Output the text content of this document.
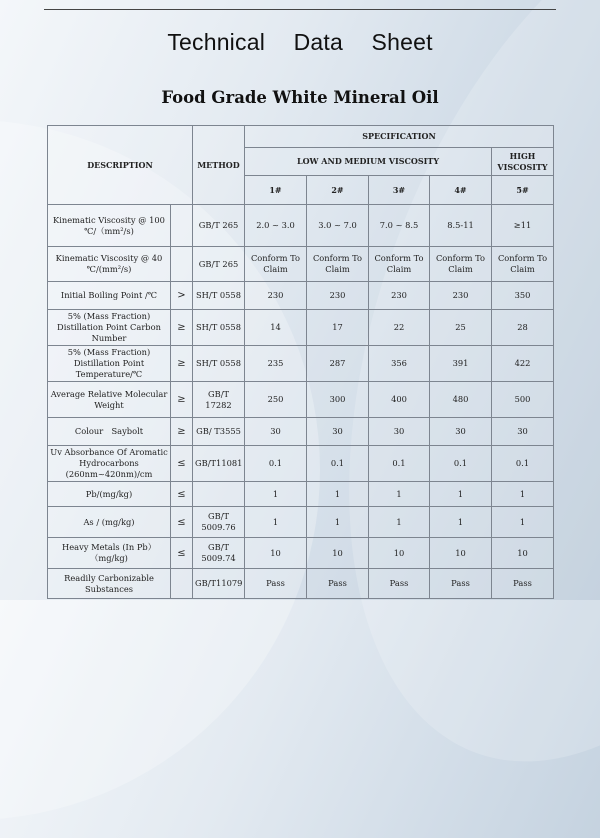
Technical Data Sheet
Food Grade White Mineral Oil
DESCRIPTION		METHOD	SPECIFICATION				
			LOW AND MEDIUM VISCOSITY				HIGH VISCOSITY
			1#	2#	3#	4#	5#
Kinematic Viscosity @ 100 ℃/（mm²/s)		GB/T 265	2.0 ~ 3.0	3.0 ~ 7.0	7.0 ~ 8.5	8.5-11	≥11
Kinematic Viscosity @ 40 ℃/(mm²/s)		GB/T 265	Conform To Claim	Conform To Claim	Conform To Claim	Conform To Claim	Conform To Claim
Initial Boiling Point /℃	>	SH/T 0558	230	230	230	230	350
5% (Mass Fraction) Distillation Point Carbon Number	≥	SH/T 0558	14	17	22	25	28
5% (Mass Fraction) Distillation Point Temperature/℃	≥	SH/T 0558	235	287	356	391	422
Average Relative Molecular Weight	≥	GB/T 17282	250	300	400	480	500
Colour　Saybolt	≥	GB/ T3555	30	30	30	30	30
Uv Absorbance Of Aromatic Hydrocarbons (260nm~420nm)/cm	≤	GB/T11081	0.1	0.1	0.1	0.1	0.1
Pb/(mg/kg)	≤		1	1	1	1	1
As / (mg/kg)	≤	GB/T 5009.76	1	1	1	1	1
Heavy Metals (In Pb） （mg/kg)	≤	GB/T 5009.74	10	10	10	10	10
Readily Carbonizable Substances		GB/T11079	Pass	Pass	Pass	Pass	Pass
